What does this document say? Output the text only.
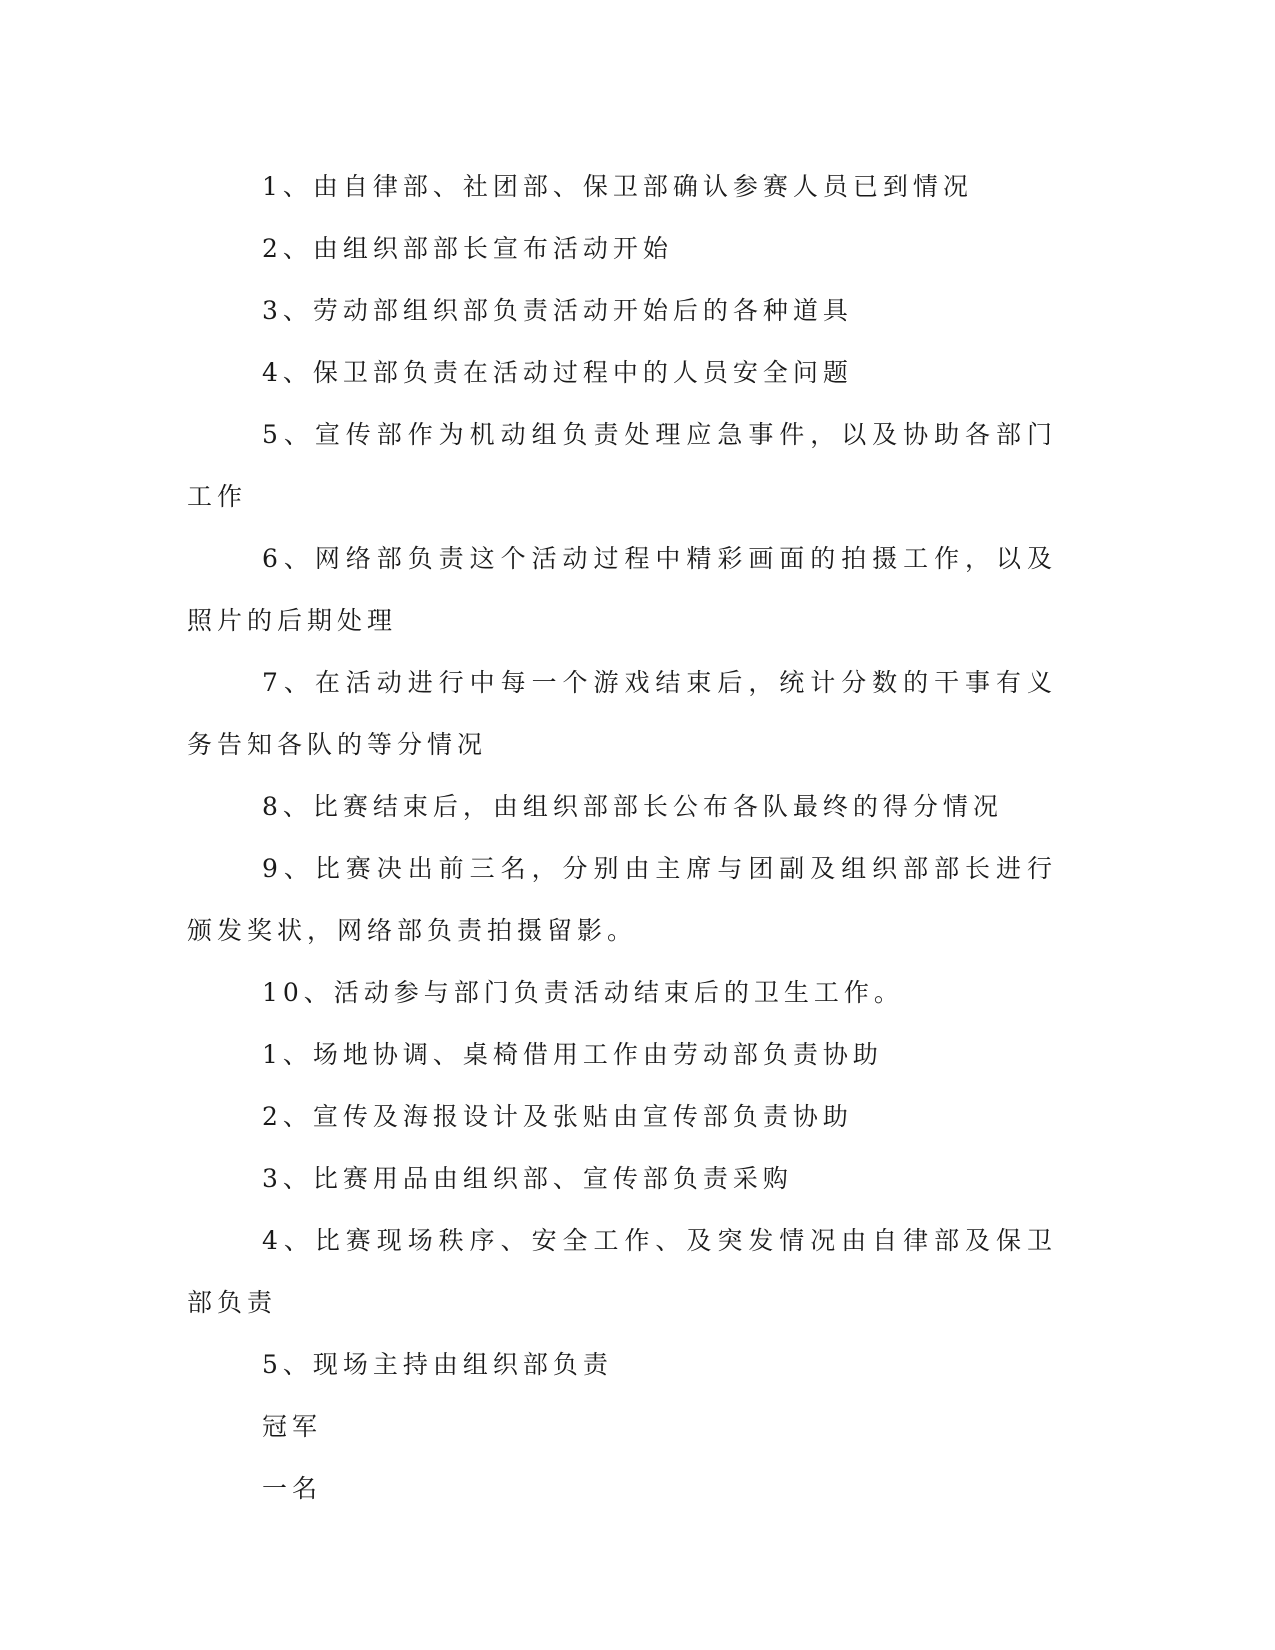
1、由自律部、社团部、保卫部确认参赛人员已到情况

2、由组织部部长宣布活动开始

3、劳动部组织部负责活动开始后的各种道具

4、保卫部负责在活动过程中的人员安全问题

5、宣传部作为机动组负责处理应急事件，以及协助各部门工作

6、网络部负责这个活动过程中精彩画面的拍摄工作，以及照片的后期处理

7、在活动进行中每一个游戏结束后，统计分数的干事有义务告知各队的等分情况

8、比赛结束后，由组织部部长公布各队最终的得分情况

9、比赛决出前三名，分别由主席与团副及组织部部长进行颁发奖状，网络部负责拍摄留影。

10、活动参与部门负责活动结束后的卫生工作。

1、场地协调、桌椅借用工作由劳动部负责协助

2、宣传及海报设计及张贴由宣传部负责协助

3、比赛用品由组织部、宣传部负责采购

4、比赛现场秩序、安全工作、及突发情况由自律部及保卫部负责

5、现场主持由组织部负责

冠军

一名
